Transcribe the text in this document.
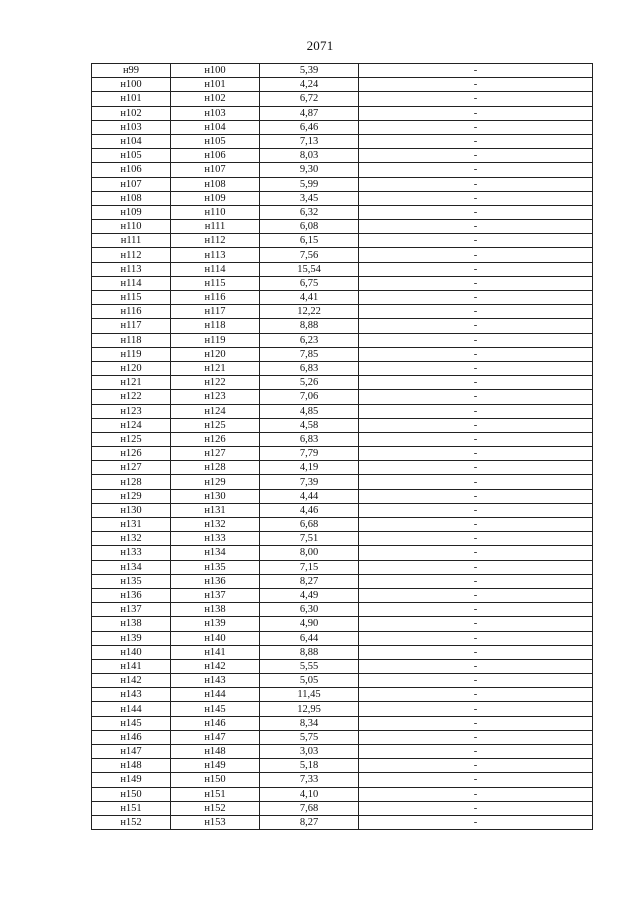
2071
н99	н100	5,39	-
н100	н101	4,24	-
н101	н102	6,72	-
н102	н103	4,87	-
н103	н104	6,46	-
н104	н105	7,13	-
н105	н106	8,03	-
н106	н107	9,30	-
н107	н108	5,99	-
н108	н109	3,45	-
н109	н110	6,32	-
н110	н111	6,08	-
н111	н112	6,15	-
н112	н113	7,56	-
н113	н114	15,54	-
н114	н115	6,75	-
н115	н116	4,41	-
н116	н117	12,22	-
н117	н118	8,88	-
н118	н119	6,23	-
н119	н120	7,85	-
н120	н121	6,83	-
н121	н122	5,26	-
н122	н123	7,06	-
н123	н124	4,85	-
н124	н125	4,58	-
н125	н126	6,83	-
н126	н127	7,79	-
н127	н128	4,19	-
н128	н129	7,39	-
н129	н130	4,44	-
н130	н131	4,46	-
н131	н132	6,68	-
н132	н133	7,51	-
н133	н134	8,00	-
н134	н135	7,15	-
н135	н136	8,27	-
н136	н137	4,49	-
н137	н138	6,30	-
н138	н139	4,90	-
н139	н140	6,44	-
н140	н141	8,88	-
н141	н142	5,55	-
н142	н143	5,05	-
н143	н144	11,45	-
н144	н145	12,95	-
н145	н146	8,34	-
н146	н147	5,75	-
н147	н148	3,03	-
н148	н149	5,18	-
н149	н150	7,33	-
н150	н151	4,10	-
н151	н152	7,68	-
н152	н153	8,27	-
